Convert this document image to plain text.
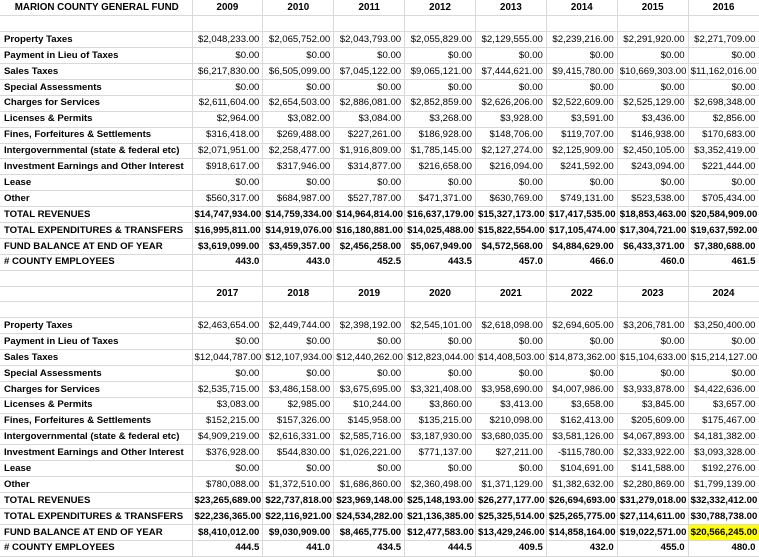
MARION COUNTY GENERAL FUND	2009	2010	2011	2012	2013	2014	2015	2016

Property Taxes	$2,048,233.00	$2,065,752.00	$2,043,793.00	$2,055,829.00	$2,129,555.00	$2,239,216.00	$2,291,920.00	$2,271,709.00
Payment in Lieu of Taxes	$0.00	$0.00	$0.00	$0.00	$0.00	$0.00	$0.00	$0.00
Sales Taxes	$6,217,830.00	$6,505,099.00	$7,045,122.00	$9,065,121.00	$7,444,621.00	$9,415,780.00	$10,669,303.00	$11,162,016.00
Special Assessments	$0.00	$0.00	$0.00	$0.00	$0.00	$0.00	$0.00	$0.00
Charges for Services	$2,611,604.00	$2,654,503.00	$2,886,081.00	$2,852,859.00	$2,626,206.00	$2,522,609.00	$2,525,129.00	$2,698,348.00
Licenses & Permits	$2,964.00	$3,082.00	$3,084.00	$3,268.00	$3,928.00	$3,591.00	$3,436.00	$2,856.00
Fines, Forfeitures & Settlements	$316,418.00	$269,488.00	$227,261.00	$186,928.00	$148,706.00	$119,707.00	$146,938.00	$170,683.00
Intergovernmental (state & federal etc)	$2,071,951.00	$2,258,477.00	$1,916,809.00	$1,785,145.00	$2,127,274.00	$2,125,909.00	$2,450,105.00	$3,352,419.00
Investment Earnings and Other Interest	$918,617.00	$317,946.00	$314,877.00	$216,658.00	$216,094.00	$241,592.00	$243,094.00	$221,444.00
Lease	$0.00	$0.00	$0.00	$0.00	$0.00	$0.00	$0.00	$0.00
Other	$560,317.00	$684,987.00	$527,787.00	$471,371.00	$630,769.00	$749,131.00	$523,538.00	$705,434.00
TOTAL REVENUES	$14,747,934.00	$14,759,334.00	$14,964,814.00	$16,637,179.00	$15,327,173.00	$17,417,535.00	$18,853,463.00	$20,584,909.00
TOTAL EXPENDITURES & TRANSFERS	$16,995,811.00	$14,919,076.00	$16,180,881.00	$14,025,488.00	$15,822,554.00	$17,105,474.00	$17,304,721.00	$19,637,592.00
FUND BALANCE AT END OF YEAR	$3,619,099.00	$3,459,357.00	$2,456,258.00	$5,067,949.00	$4,572,568.00	$4,884,629.00	$6,433,371.00	$7,380,688.00
# COUNTY EMPLOYEES	443.0	443.0	452.5	443.5	457.0	466.0	460.0	461.5

	2017	2018	2019	2020	2021	2022	2023	2024

Property Taxes	$2,463,654.00	$2,449,744.00	$2,398,192.00	$2,545,101.00	$2,618,098.00	$2,694,605.00	$3,206,781.00	$3,250,400.00
Payment in Lieu of Taxes	$0.00	$0.00	$0.00	$0.00	$0.00	$0.00	$0.00	$0.00
Sales Taxes	$12,044,787.00	$12,107,934.00	$12,440,262.00	$12,823,044.00	$14,408,503.00	$14,873,362.00	$15,104,633.00	$15,214,127.00
Special Assessments	$0.00	$0.00	$0.00	$0.00	$0.00	$0.00	$0.00	$0.00
Charges for Services	$2,535,715.00	$3,486,158.00	$3,675,695.00	$3,321,408.00	$3,958,690.00	$4,007,986.00	$3,933,878.00	$4,422,636.00
Licenses & Permits	$3,083.00	$2,985.00	$10,244.00	$3,860.00	$3,413.00	$3,658.00	$3,845.00	$3,657.00
Fines, Forfeitures & Settlements	$152,215.00	$157,326.00	$145,958.00	$135,215.00	$210,098.00	$162,413.00	$205,609.00	$175,467.00
Intergovernmental (state & federal etc)	$4,909,219.00	$2,616,331.00	$2,585,716.00	$3,187,930.00	$3,680,035.00	$3,581,126.00	$4,067,893.00	$4,181,382.00
Investment Earnings and Other Interest	$376,928.00	$544,830.00	$1,026,221.00	$771,137.00	$27,211.00	-$115,780.00	$2,333,922.00	$3,093,328.00
Lease	$0.00	$0.00	$0.00	$0.00	$0.00	$104,691.00	$141,588.00	$192,276.00
Other	$780,088.00	$1,372,510.00	$1,686,860.00	$2,360,498.00	$1,371,129.00	$1,382,632.00	$2,280,869.00	$1,799,139.00
TOTAL REVENUES	$23,265,689.00	$22,737,818.00	$23,969,148.00	$25,148,193.00	$26,277,177.00	$26,694,693.00	$31,279,018.00	$32,332,412.00
TOTAL EXPENDITURES & TRANSFERS	$22,236,365.00	$22,116,921.00	$24,534,282.00	$21,136,385.00	$25,325,514.00	$25,265,775.00	$27,114,611.00	$30,788,738.00
FUND BALANCE AT END OF YEAR	$8,410,012.00	$9,030,909.00	$8,465,775.00	$12,477,583.00	$13,429,246.00	$14,858,164.00	$19,022,571.00	$20,566,245.00
# COUNTY EMPLOYEES	444.5	441.0	434.5	444.5	409.5	432.0	455.0	480.0
